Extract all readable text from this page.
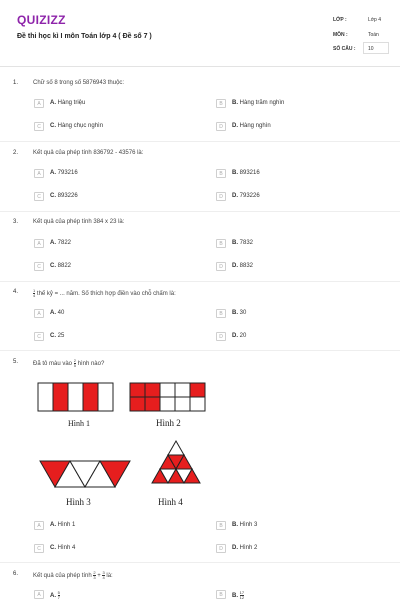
QUIZIZZ
Đề thi học kì I môn Toán lớp 4 ( Đề số 7 )
LỚP :	Lớp 4
MÔN :	Toán
SỐ CÂU :	10
1. Chữ số 8 trong số 5876943 thuộc:
A	A. Hàng triệu	B	B. Hàng trăm nghìn
C	C. Hàng chục nghìn	D	D. Hàng nghìn
2. Kết quả của phép tính 836792 - 43576 là:
A	A. 793216	B	B. 893216
C	C. 893226	D	D. 793226
3. Kết quả của phép tính 384 x 23 là:
A	A. 7822	B	B. 7832
C	C. 8822	D	D. 8832
4.	$\frac{1}{4}$ thế kỷ = ... năm. Số thích hợp điền vào chỗ chấm là:
A	A. 40	B	B. 30
C	C. 25	D	D. 20
5. Đã tô màu vào $\frac{2}{5}$ hình nào?
Hình 1	Hình 2
Hình 3	Hình 4
A	A. Hình 1	B	B. Hình 3
C	C. Hình 4	D	D. Hình 2
6. Kết quả của phép tính $\frac{2}{3} + \frac{3}{4}$ là:
A	A. $\frac{5}{7}$	B	B. $\frac{17}{12}$
